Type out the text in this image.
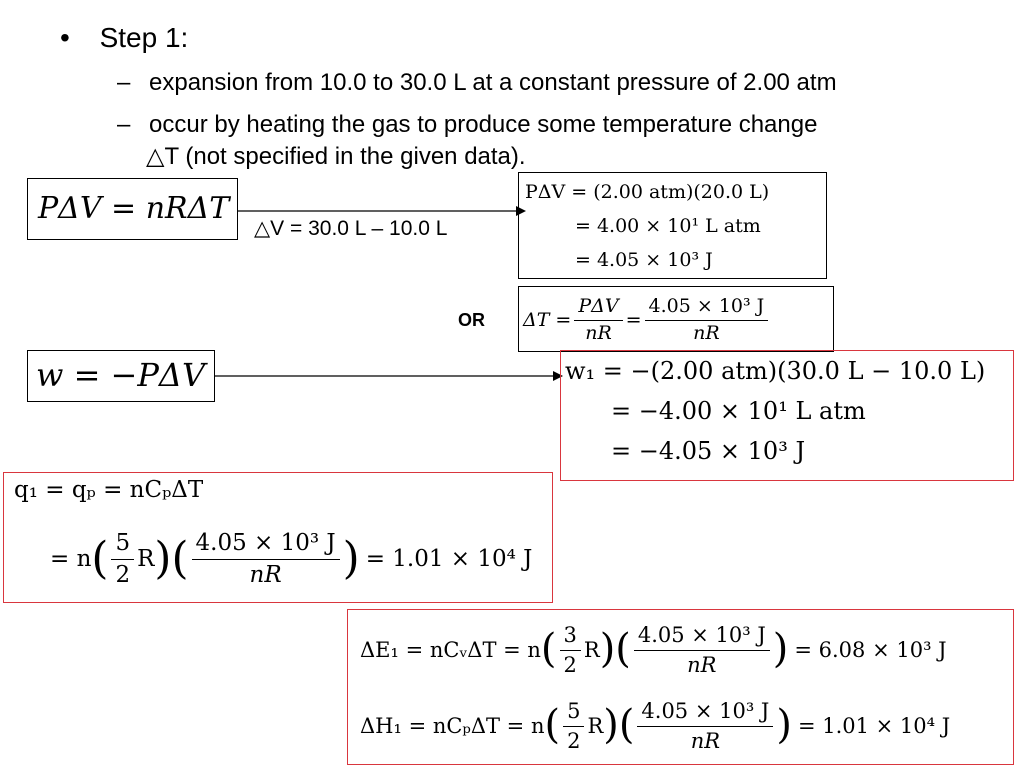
• Step 1:
– expansion from 10.0 to 30.0 L at a constant pressure of 2.00 atm
– occur by heating the gas to produce some temperature change
△T (not specified in the given data).
PΔV = nRΔT
△V = 30.0 L – 10.0 L
PΔV = (2.00 atm)(20.0 L)
= 4.00 × 10¹ L atm
= 4.05 × 10³ J
OR $\Delta T = \frac{\text{PΔV}}{nR} = \frac{\text{4.05 × 10³ J}}{nR}$
w = −PΔV	w₁ = −(2.00 atm)(30.0 L − 10.0 L)
= −4.00 × 10¹ L atm
= −4.05 × 10³ J
q₁ = qₚ = nCₚΔT
= n ( $\frac{5}{2}$ R ) ( $\frac{\text{4.05 × 10³ J}}{nR}$ ) = 1.01 × 10⁴ J
ΔE₁ = nCᵥΔT = n ( $\frac{3}{2}$ R ) ( $\frac{\text{4.05 × 10³ J}}{nR}$ ) = 6.08 × 10³ J
ΔH₁ = nCₚΔT = n ( $\frac{5}{2}$ R ) ( $\frac{\text{4.05 × 10³ J}}{nR}$ ) = 1.01 × 10⁴ J
